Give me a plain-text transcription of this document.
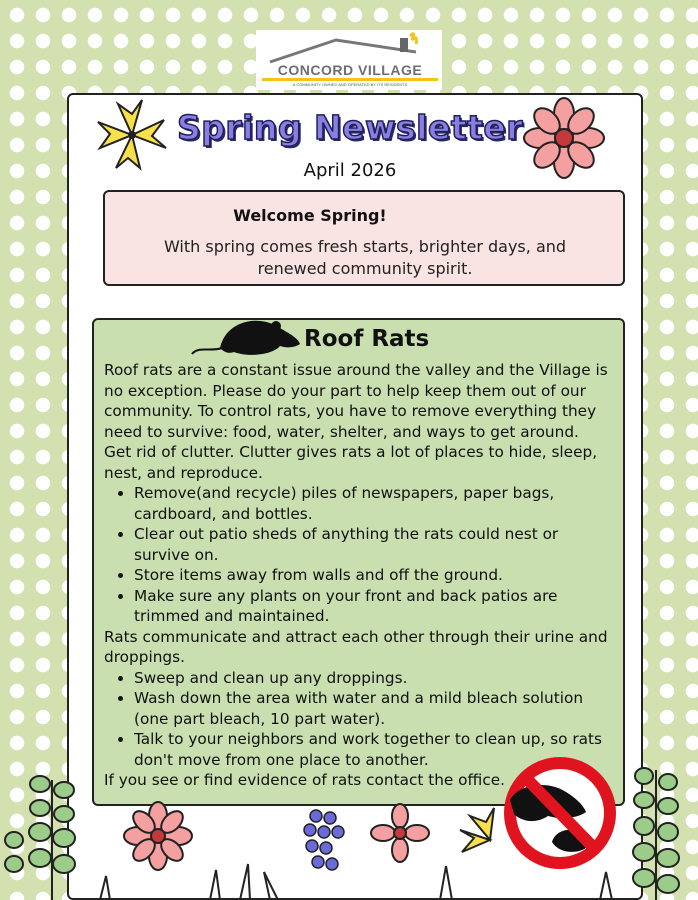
CONCORD VILLAGE
A COMMUNITY OWNED AND OPERATED BY ITS RESIDENTS
Spring Newsletter
April 2026
Welcome Spring!
With spring comes fresh starts, brighter days, and renewed community spirit.
Roof Rats

Roof rats are a constant issue around the valley and the Village is no exception. Please do your part to help keep them out of our community. To control rats, you have to remove everything they need to survive: food, water, shelter, and ways to get around.

Get rid of clutter. Clutter gives rats a lot of places to hide, sleep, nest, and reproduce.

• Remove(and recycle) piles of newspapers, paper bags, cardboard, and bottles.
• Clear out patio sheds of anything the rats could nest or survive on.
• Store items away from walls and off the ground.
• Make sure any plants on your front and back patios are trimmed and maintained.

Rats communicate and attract each other through their urine and droppings.

• Sweep and clean up any droppings.
• Wash down the area with water and a mild bleach solution (one part bleach, 10 part water).
• Talk to your neighbors and work together to clean up, so rats don't move from one place to another.

If you see or find evidence of rats contact the office.
